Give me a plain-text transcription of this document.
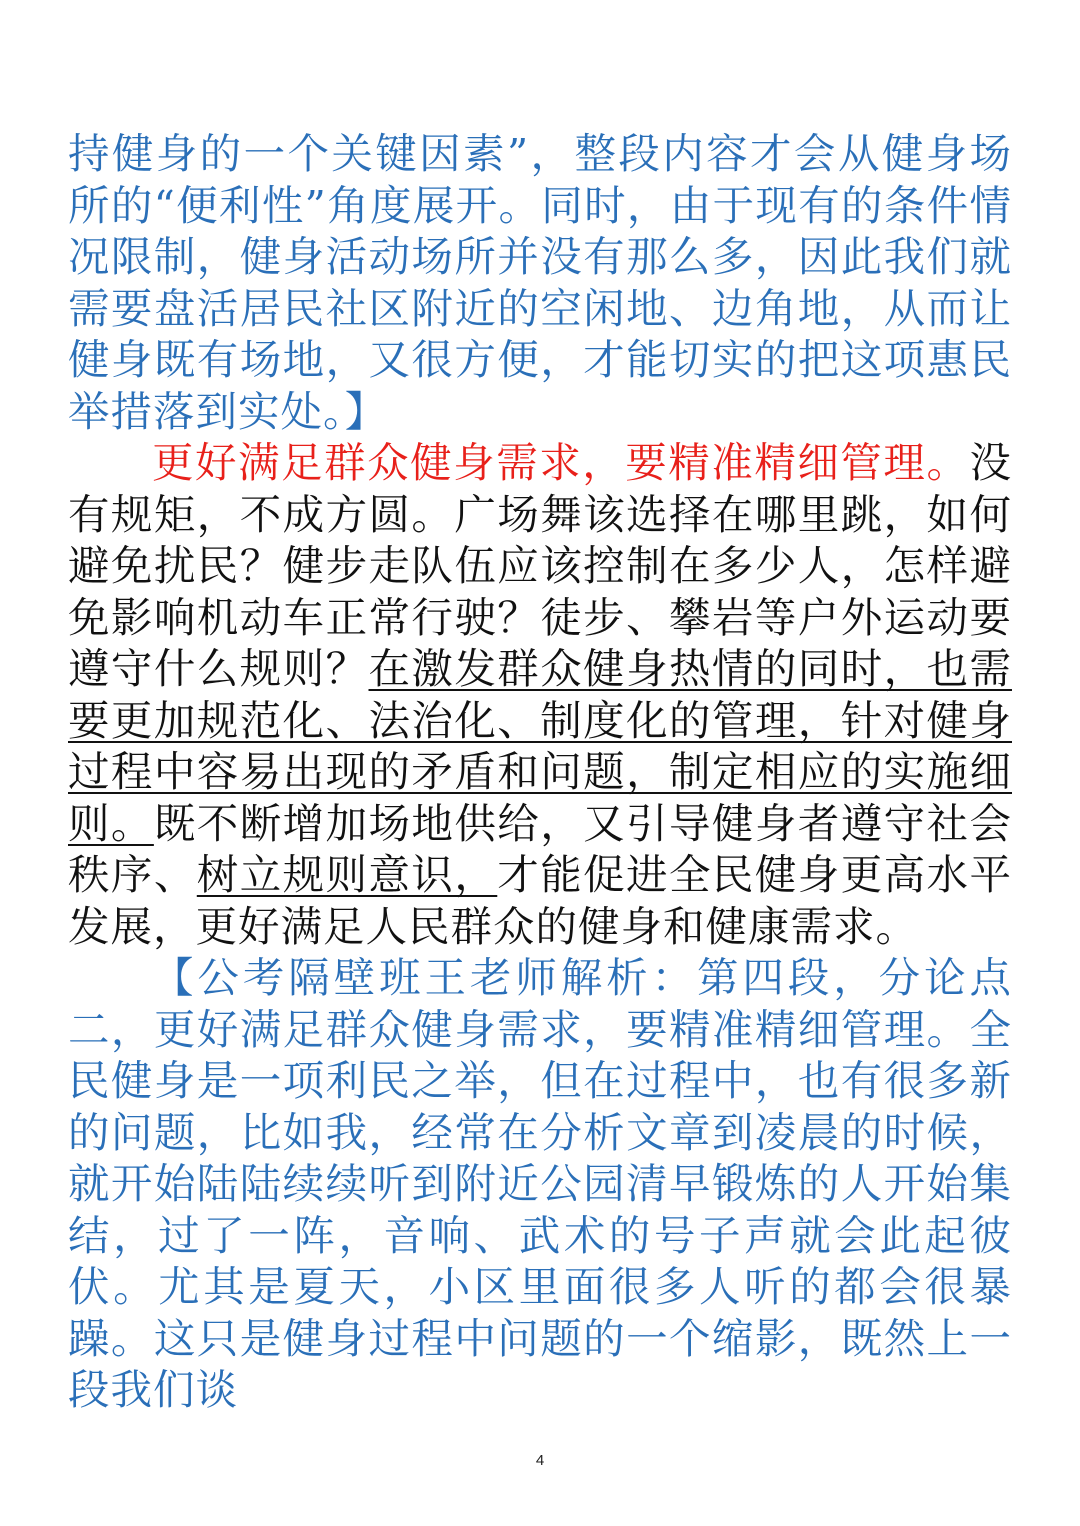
持健身的一个关键因素”，整段内容才会从健身场所的“便利性”角度展开。同时，由于现有的条件情况限制，健身活动场所并没有那么多，因此我们就需要盘活居民社区附近的空闲地、边角地，从而让健身既有场地，又很方便，才能切实的把这项惠民举措落到实处。】

更好满足群众健身需求，要精准精细管理。没有规矩，不成方圆。广场舞该选择在哪里跳，如何避免扰民？健步走队伍应该控制在多少人，怎样避免影响机动车正常行驶？徒步、攀岩等户外运动要遵守什么规则？在激发群众健身热情的同时，也需要更加规范化、法治化、制度化的管理，针对健身过程中容易出现的矛盾和问题，制定相应的实施细则。既不断增加场地供给，又引导健身者遵守社会秩序、树立规则意识，才能促进全民健身更高水平发展，更好满足人民群众的健身和健康需求。

【公考隔壁班王老师解析：第四段，分论点二，更好满足群众健身需求，要精准精细管理。全民健身是一项利民之举，但在过程中，也有很多新的问题，比如我，经常在分析文章到凌晨的时候，就开始陆陆续续听到附近公园清早锻炼的人开始集结，过了一阵，音响、武术的号子声就会此起彼伏。尤其是夏天，小区里面很多人听的都会很暴躁。这只是健身过程中问题的一个缩影，既然上一段我们谈

4
